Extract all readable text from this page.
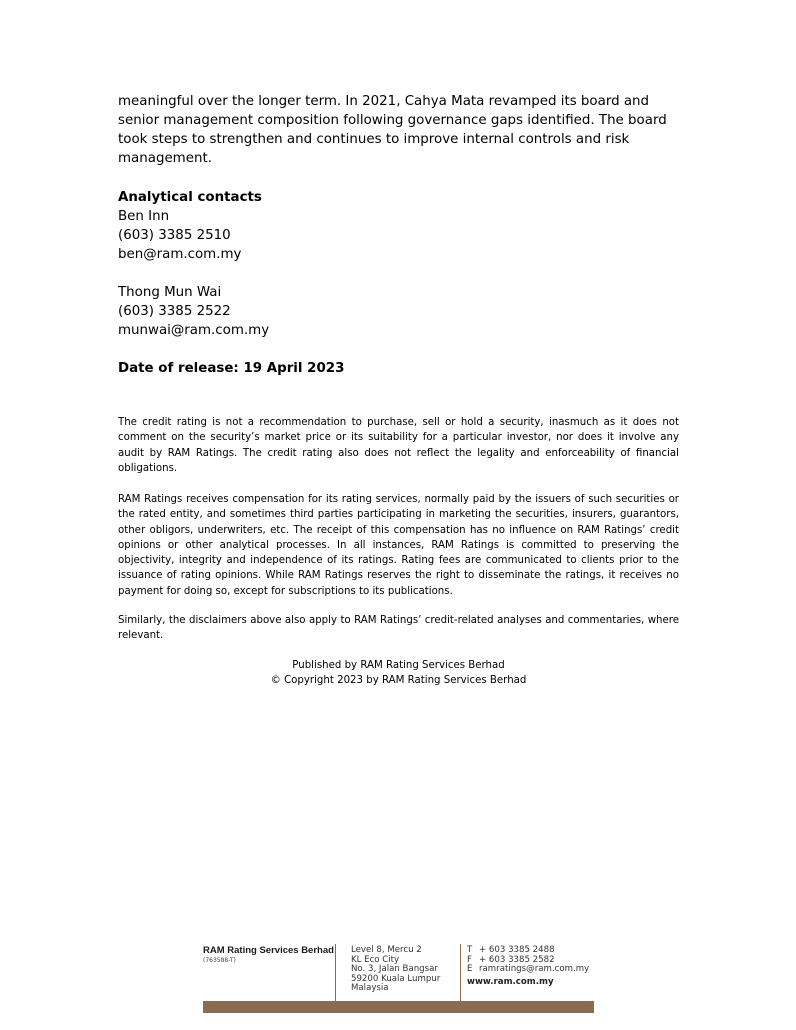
meaningful over the longer term. In 2021, Cahya Mata revamped its board and senior management composition following governance gaps identified. The board took steps to strengthen and continues to improve internal controls and risk management.

Analytical contacts
Ben Inn
(603) 3385 2510
ben@ram.com.my
Thong Mun Wai
(603) 3385 2522
munwai@ram.com.my
Date of release: 19 April 2023

The credit rating is not a recommendation to purchase, sell or hold a security, inasmuch as it does not comment on the security’s market price or its suitability for a particular investor, nor does it involve any audit by RAM Ratings. The credit rating also does not reflect the legality and enforceability of financial obligations.

RAM Ratings receives compensation for its rating services, normally paid by the issuers of such securities or the rated entity, and sometimes third parties participating in marketing the securities, insurers, guarantors, other obligors, underwriters, etc. The receipt of this compensation has no influence on RAM Ratings’ credit opinions or other analytical processes. In all instances, RAM Ratings is committed to preserving the objectivity, integrity and independence of its ratings. Rating fees are communicated to clients prior to the issuance of rating opinions. While RAM Ratings reserves the right to disseminate the ratings, it receives no payment for doing so, except for subscriptions to its publications.

Similarly, the disclaimers above also apply to RAM Ratings’ credit-related analyses and commentaries, where relevant.

Published by RAM Rating Services Berhad
© Copyright 2023 by RAM Rating Services Berhad
RAM Rating Services Berhad
(763588-T)
Level 8, Mercu 2
KL Eco City
No. 3, Jalan Bangsar
59200 Kuala Lumpur
Malaysia
T + 603 3385 2488
F + 603 3385 2582
E ramratings@ram.com.my
www.ram.com.my
